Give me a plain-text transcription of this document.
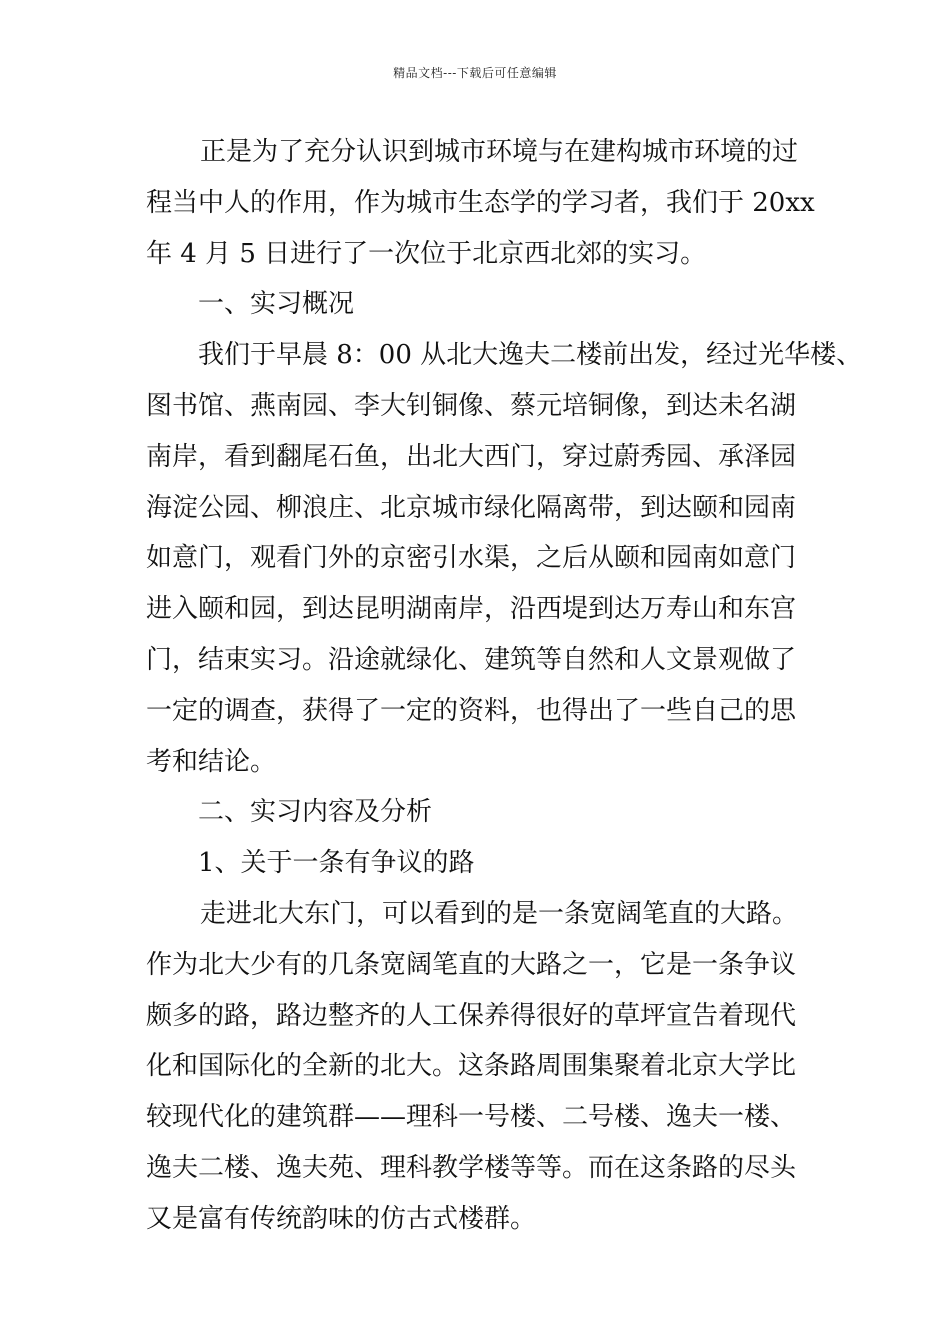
精品文档---下载后可任意编辑
正是为了充分认识到城市环境与在建构城市环境的过
程当中人的作用，作为城市生态学的学习者，我们于 20xx
年 4 月 5 日进行了一次位于北京西北郊的实习。
一、实习概况
我们于早晨 8：00 从北大逸夫二楼前出发，经过光华楼、
图书馆、燕南园、李大钊铜像、蔡元培铜像，到达未名湖
南岸，看到翻尾石鱼，出北大西门，穿过蔚秀园、承泽园
海淀公园、柳浪庄、北京城市绿化隔离带，到达颐和园南
如意门，观看门外的京密引水渠，之后从颐和园南如意门
进入颐和园，到达昆明湖南岸，沿西堤到达万寿山和东宫
门，结束实习。沿途就绿化、建筑等自然和人文景观做了
一定的调查，获得了一定的资料，也得出了一些自己的思
考和结论。
二、实习内容及分析
1、关于一条有争议的路
走进北大东门，可以看到的是一条宽阔笔直的大路。
作为北大少有的几条宽阔笔直的大路之一，它是一条争议
颇多的路，路边整齐的人工保养得很好的草坪宣告着现代
化和国际化的全新的北大。这条路周围集聚着北京大学比
较现代化的建筑群——理科一号楼、二号楼、逸夫一楼、
逸夫二楼、逸夫苑、理科教学楼等等。而在这条路的尽头
又是富有传统韵味的仿古式楼群。
